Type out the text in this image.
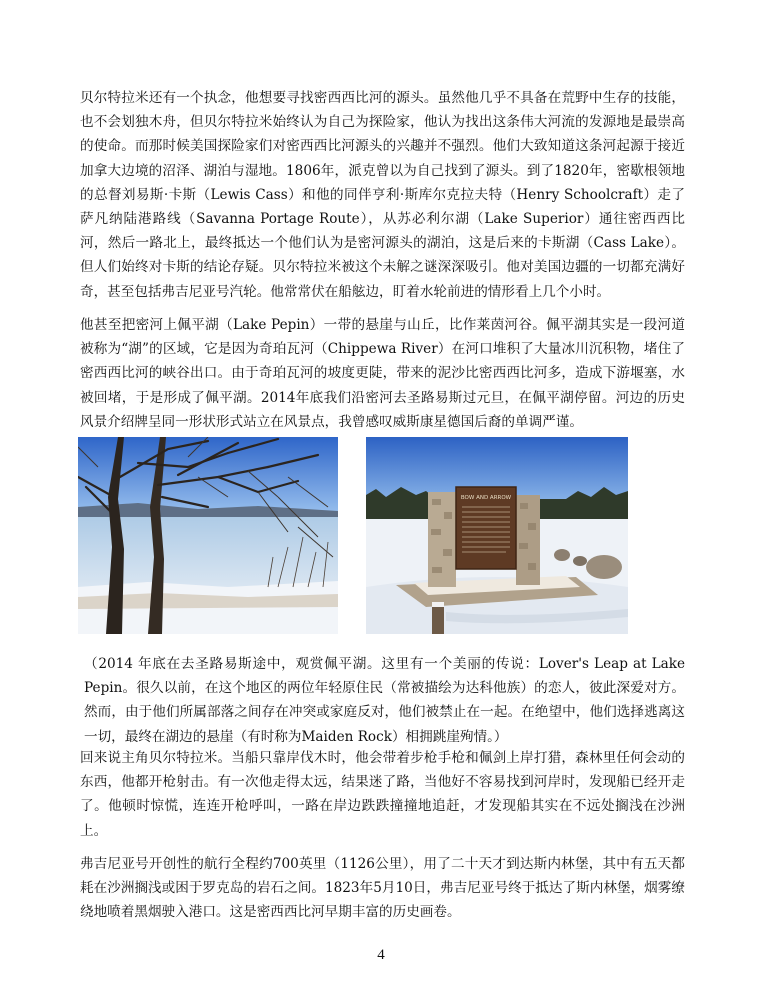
贝尔特拉米还有一个执念，他想要寻找密西西比河的源头。虽然他几乎不具备在荒野中生存的技能，也不会划独木舟，但贝尔特拉米始终认为自己为探险家，他认为找出这条伟大河流的发源地是最崇高的使命。而那时候美国探险家们对密西西比河源头的兴趣并不强烈。他们大致知道这条河起源于接近加拿大边境的沼泽、湖泊与湿地。1806年，派克曾以为自己找到了源头。到了1820年，密歇根领地的总督刘易斯·卡斯（Lewis Cass）和他的同伴亨利·斯库尔克拉夫特（Henry Schoolcraft）走了萨凡纳陆港路线（Savanna Portage Route），从苏必利尔湖（Lake Superior）通往密西西比河，然后一路北上，最终抵达一个他们认为是密河源头的湖泊，这是后来的卡斯湖（Cass Lake）。但人们始终对卡斯的结论存疑。贝尔特拉米被这个未解之谜深深吸引。他对美国边疆的一切都充满好奇，甚至包括弗吉尼亚号汽轮。他常常伏在船舷边，盯着水轮前进的情形看上几个小时。

他甚至把密河上佩平湖（Lake Pepin）一带的悬崖与山丘，比作莱茵河谷。佩平湖其实是一段河道被称为“湖”的区域，它是因为奇珀瓦河（Chippewa River）在河口堆积了大量冰川沉积物，堵住了密西西比河的峡谷出口。由于奇珀瓦河的坡度更陡，带来的泥沙比密西西比河多，造成下游堰塞，水被回堵，于是形成了佩平湖。2014年底我们沿密河去圣路易斯过元旦，在佩平湖停留。河边的历史风景介绍牌呈同一形状形式站立在风景点，我曾感叹威斯康星德国后裔的单调严谨。

BOW AND ARROW

（2014 年底在去圣路易斯途中，观赏佩平湖。这里有一个美丽的传说：Lover's Leap at Lake Pepin。很久以前，在这个地区的两位年轻原住民（常被描绘为达科他族）的恋人，彼此深爱对方。然而，由于他们所属部落之间存在冲突或家庭反对，他们被禁止在一起。在绝望中，他们选择逃离这一切，最终在湖边的悬崖（有时称为Maiden Rock）相拥跳崖殉情。）

回来说主角贝尔特拉米。当船只靠岸伐木时，他会带着步枪手枪和佩剑上岸打猎，森林里任何会动的东西，他都开枪射击。有一次他走得太远，结果迷了路，当他好不容易找到河岸时，发现船已经开走了。他顿时惊慌，连连开枪呼叫，一路在岸边跌跌撞撞地追赶，才发现船其实在不远处搁浅在沙洲上。

弗吉尼亚号开创性的航行全程约700英里（1126公里），用了二十天才到达斯内林堡，其中有五天都耗在沙洲搁浅或困于罗克岛的岩石之间。1823年5月10日，弗吉尼亚号终于抵达了斯内林堡，烟雾缭绕地喷着黑烟驶入港口。这是密西西比河早期丰富的历史画卷。

4
